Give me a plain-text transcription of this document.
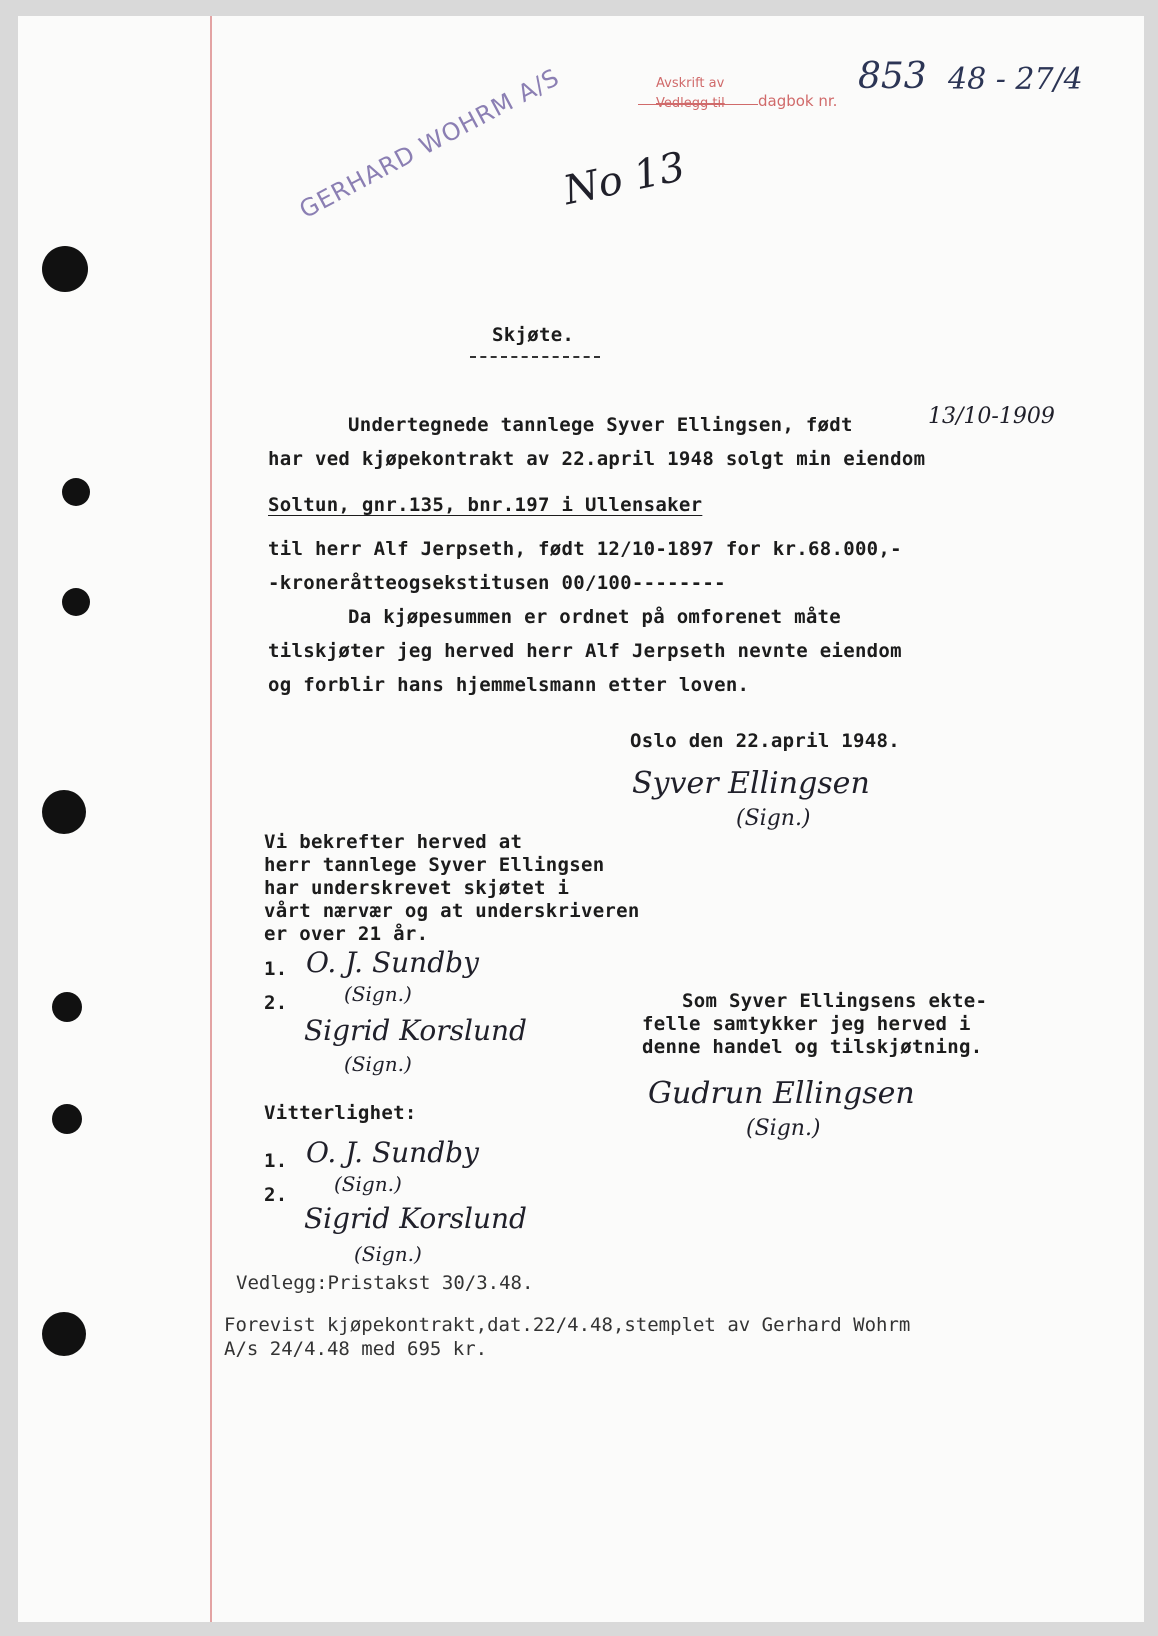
Avskrift av
Vedlegg til dagbok nr.
853 48 - 27/4
GERHARD WOHRM A/S
No 13
Skjøte.
Undertegnede tannlege Syver Ellingsen, født	13/10-1909
har ved kjøpekontrakt av 22.april 1948 solgt min eiendom
Soltun, gnr.135, bnr.197 i Ullensaker
til herr Alf Jerpseth, født 12/10-1897 for kr.68.000,-
-kroneråtteogsekstitusen 00/100--------
Da kjøpesummen er ordnet på omforenet måte
tilskjøter jeg herved herr Alf Jerpseth nevnte eiendom
og forblir hans hjemmelsmann etter loven.
Oslo den 22.april 1948.
Syver Ellingsen
(Sign.)
Vi bekrefter herved at
herr tannlege Syver Ellingsen
har underskrevet skjøtet i
vårt nærvær og at underskriveren
er over 21 år.
1. O. J. Sundby
2.	(Sign.)
Sigrid Korslund
(Sign.)
Som Syver Ellingsens ekte-
felle samtykker jeg herved i
denne handel og tilskjøtning.
Gudrun Ellingsen
(Sign.)
Vitterlighet:
1. O. J. Sundby
2. (Sign.)
Sigrid Korslund
(Sign.)
Vedlegg:Pristakst 30/3.48.
Forevist kjøpekontrakt,dat.22/4.48,stemplet av Gerhard Wohrm
A/s 24/4.48 med 695 kr.
